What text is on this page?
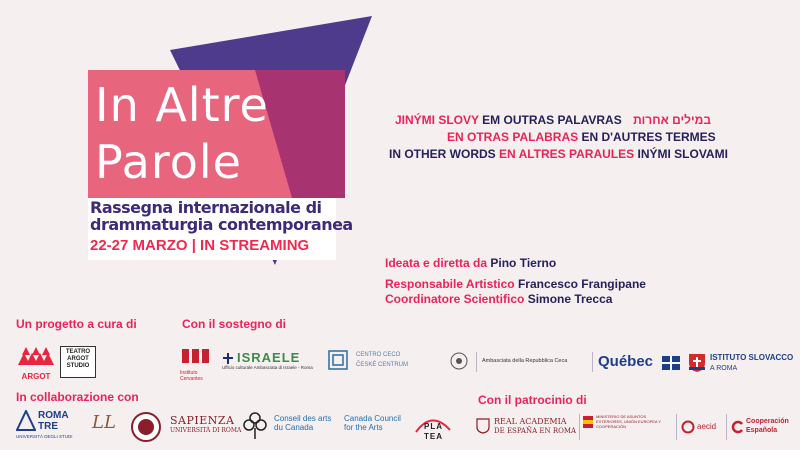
In Altre
Parole
Rassegna internazionale di
drammaturgia contemporanea
22-27 MARZO | IN STREAMING
JINÝMI SLOVY EM OUTRAS PALAVRAS במילים אחרות
EN OTRAS PALABRAS EN D'AUTRES TERMES
IN OTHER WORDS EN ALTRES PARAULES INÝMI SLOVAMI
Ideata e diretta da Pino Tierno
Responsabile Artistico Francesco Frangipane
Coordinatore Scientifico Simone Trecca
Un progetto a cura di	Con il sostegno di
In collaborazione con	Con il patrocinio di
ARGOT
TEATRO ARGOT STUDIO
Instituto Cervantes
ISRAELE
Ufficio culturale Ambasciata di Israele - Roma
CENTRO CECO
ČESKÉ CENTRUM
Ambasciata della Repubblica Ceca Québec	ISTITUTO SLOVACCO
A ROMA
ROMA
TRE
UNIVERSITÀ DEGLI STUDI
LL	SAPIENZA
UNIVERSITÀ DI ROMA
Conseil des arts
du Canada
Canada Council
for the Arts	PLA
TEA
REAL ACADEMIA
DE ESPAÑA EN ROMA
MINISTERIO DE ASUNTOS EXTERIORES, UNIÓN EUROPEA Y COOPERACIÓN	aecid
Cooperación
Española
